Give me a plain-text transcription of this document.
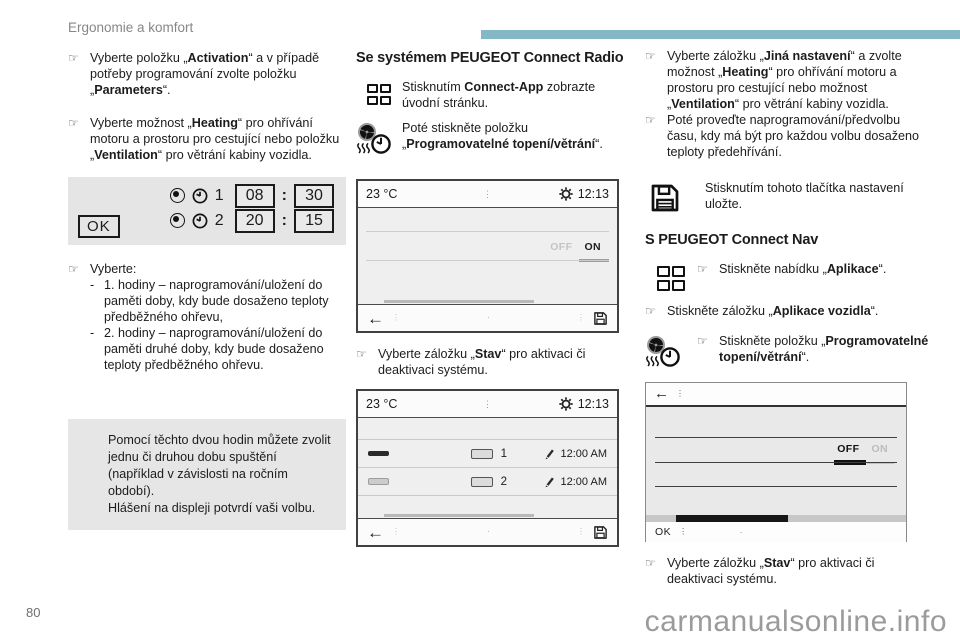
Ergonomie a komfort
☞ Vyberte položku „Activation“ a v případě potřeby programování zvolte položku „Parameters“.
☞ Vyberte možnost „Heating“ pro ohřívání motoru a prostoru pro cestující nebo položku „Ventilation“ pro větrání kabiny vozidla.
1	08	:	30
2	20	:	15
OK
☞ Vyberte:
- 1. hodiny – naprogramování/uložení do paměti doby, kdy bude dosaženo teploty předběžného ohřevu,
- 2. hodiny – naprogramování/uložení do paměti druhé doby, kdy bude dosaženo teploty předběžného ohřevu.
Pomocí těchto dvou hodin můžete zvolit jednu či druhou dobu spuštění (například v závislosti na ročním období).
Hlášení na displeji potvrdí vaši volbu.
Se systémem PEUGEOT Connect Radio
Stisknutím Connect-App zobrazte úvodní stránku.
Poté stiskněte položku „Programovatelné topení/větrání“.
23 °C	⋮	12:13
OFF ON
← ⋮	·	⋮
☞ Vyberte záložku „Stav“ pro aktivaci či deaktivaci systému.
23 °C	⋮	12:13
1	12:00 AM
2	12:00 AM
← ⋮	·	⋮
☞ Vyberte záložku „Jiná nastavení“ a zvolte možnost „Heating“ pro ohřívání motoru a prostoru pro cestující nebo možnost „Ventilation“ pro větrání kabiny vozidla.
☞ Poté proveďte naprogramování/předvolbu času, kdy má být pro každou volbu dosaženo teploty předehřívání.
Stisknutím tohoto tlačítka nastavení uložte.
S PEUGEOT Connect Nav
☞ Stiskněte nabídku „Aplikace“.
☞ Stiskněte záložku „Aplikace vozidla“.
☞ Stiskněte položku „Programovatelné topení/větrání“.
← ⋮
OFF ON
OK ⋮	·
☞ Vyberte záložku „Stav“ pro aktivaci či deaktivaci systému.
80	carmanualsonline.info
